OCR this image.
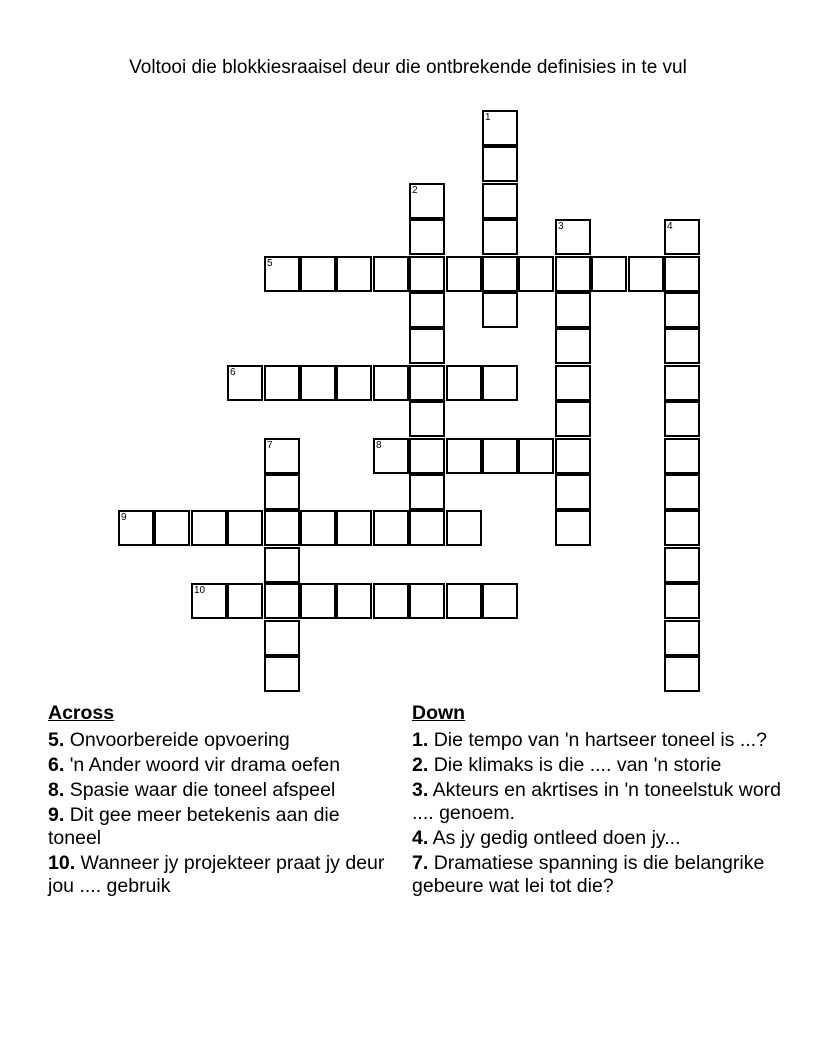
Voltooi die blokkiesraaisel deur die ontbrekende definisies in te vul
1
2
3	4
5
6
7	8
9
10
Across
5. Onvoorbereide opvoering
6. 'n Ander woord vir drama oefen
8. Spasie waar die toneel afspeel
9. Dit gee meer betekenis aan die toneel
10. Wanneer jy projekteer praat jy deur jou .... gebruik
Down
1. Die tempo van 'n hartseer toneel is ...?
2. Die klimaks is die .... van 'n storie
3. Akteurs en akrtises in 'n toneelstuk word .... genoem.
4. As jy gedig ontleed doen jy...
7. Dramatiese spanning is die belangrike gebeure wat lei tot die?
